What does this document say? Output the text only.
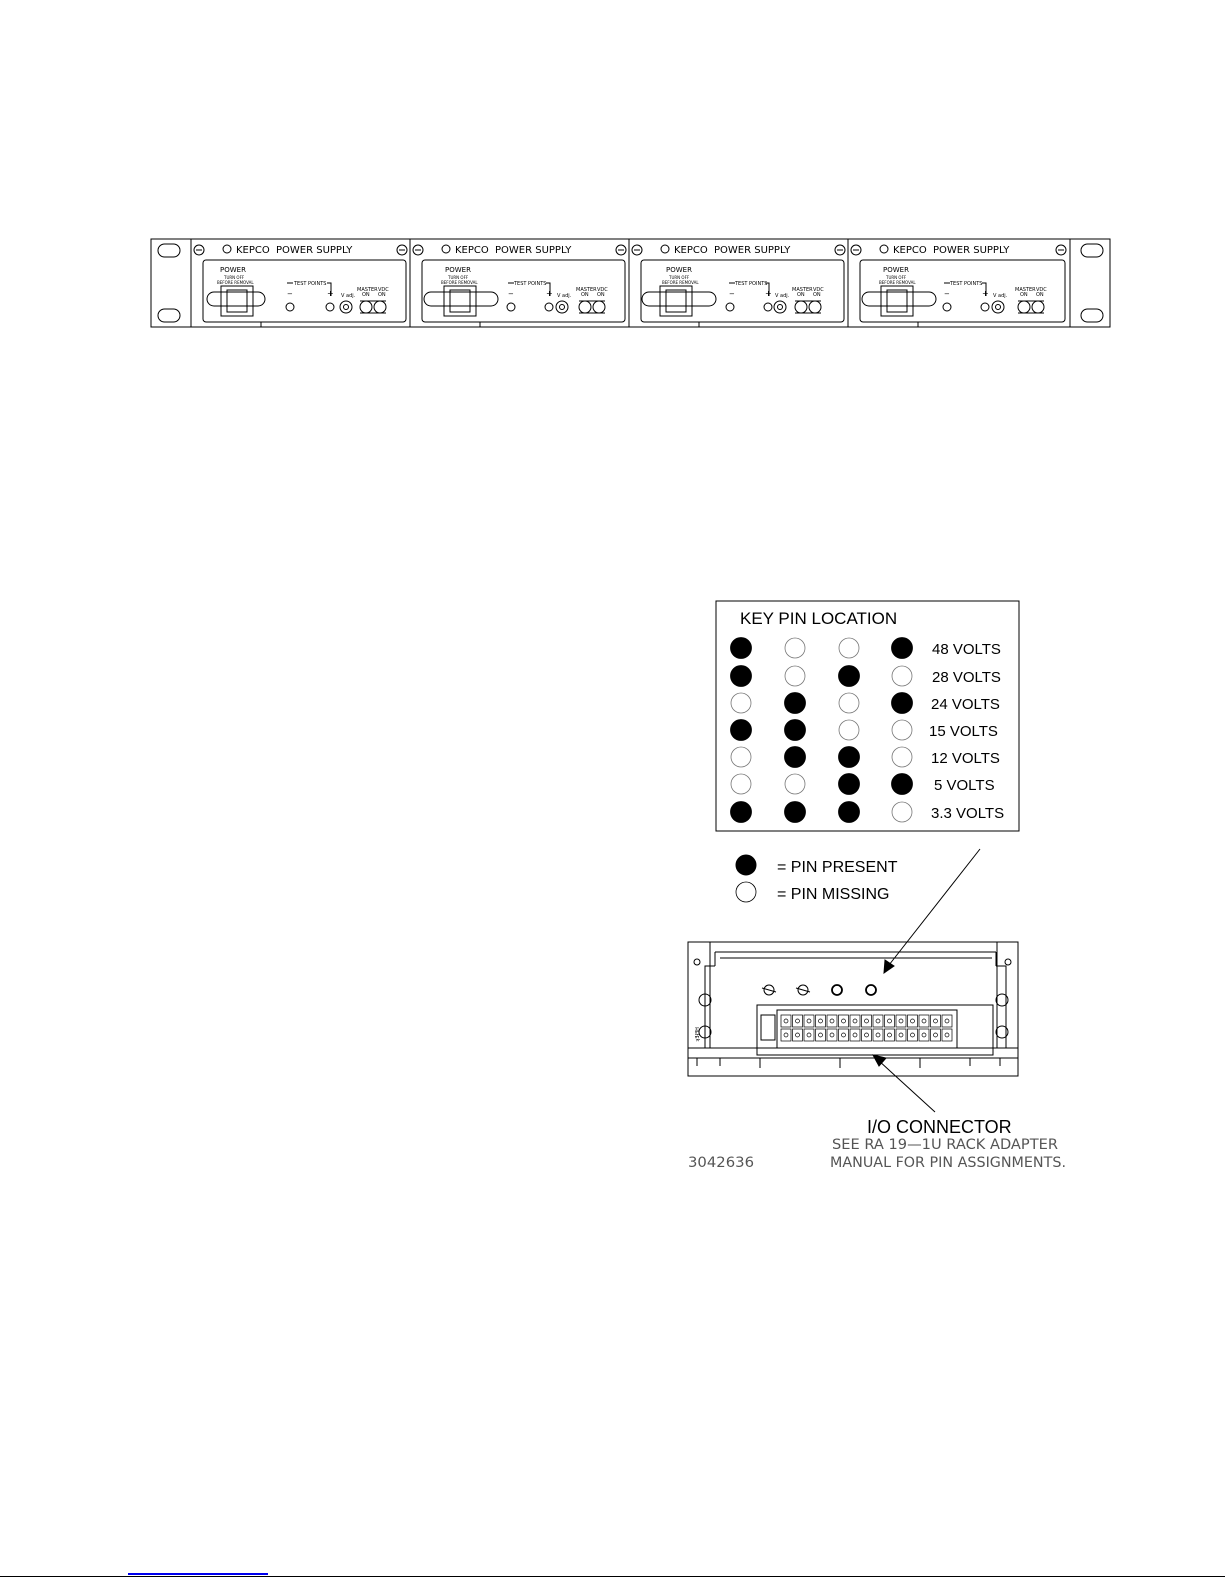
KEPCO POWER SUPPLY
POWER
TURN OFF
BEFORE REMOVAL	TEST POINTS
−	+ V adj.
MASTER VDC
ON ON
KEPCO POWER SUPPLY
POWER
TURN OFF
BEFORE REMOVAL	TEST POINTS
−	+ V adj.
MASTER VDC
ON ON
KEPCO POWER SUPPLY
POWER
TURN OFF
BEFORE REMOVAL	TEST POINTS
−	+ V adj.
MASTER VDC
ON ON
KEPCO POWER SUPPLY
POWER
TURN OFF
BEFORE REMOVAL	TEST POINTS
−	+ V adj.
MASTER VDC
ON ON
KEY PIN LOCATION
48 VOLTS
28 VOLTS
24 VOLTS
15 VOLTS
12 VOLTS
5 VOLTS
3.3 VOLTS
= PIN PRESENT
= PIN MISSING
ʞƎɈƎH
I/O CONNECTOR
SEE RA 19—1U RACK ADAPTER
MANUAL FOR PIN ASSIGNMENTS.
3042636
